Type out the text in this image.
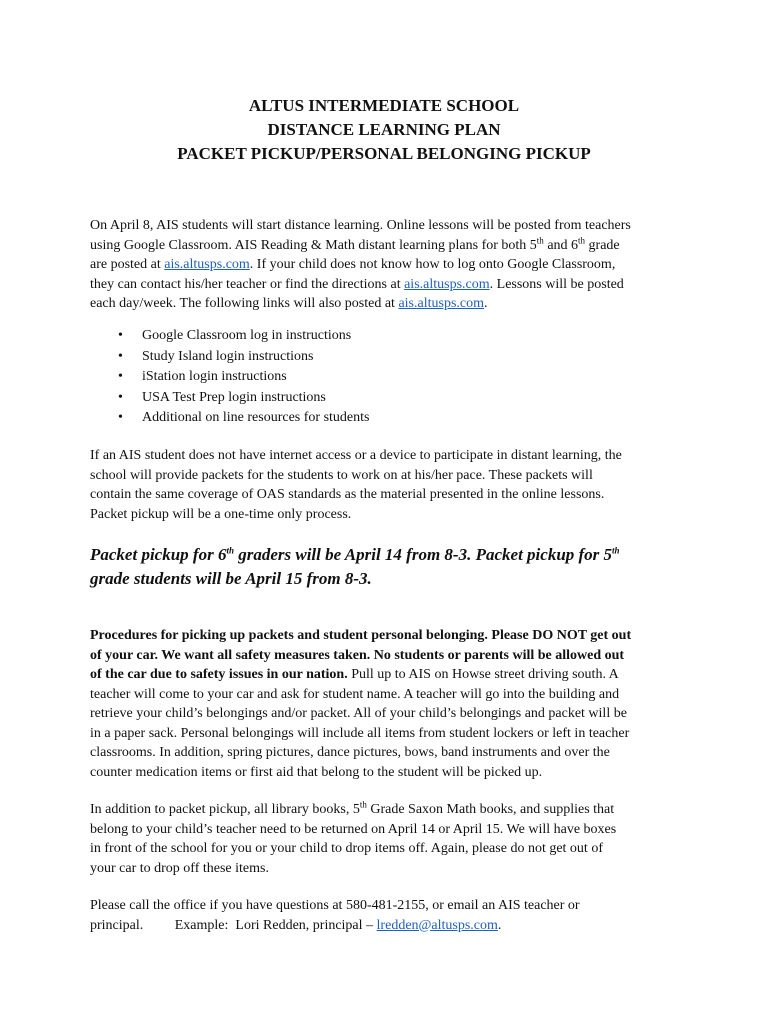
ALTUS INTERMEDIATE SCHOOL
DISTANCE LEARNING PLAN
PACKET PICKUP/PERSONAL BELONGING PICKUP
On April 8, AIS students will start distance learning. Online lessons will be posted from teachers
using Google Classroom. AIS Reading & Math distant learning plans for both 5th and 6th grade
are posted at ais.altusps.com. If your child does not know how to log onto Google Classroom,
they can contact his/her teacher or find the directions at ais.altusps.com. Lessons will be posted
each day/week. The following links will also posted at ais.altusps.com.
• Google Classroom log in instructions
• Study Island login instructions
• iStation login instructions
• USA Test Prep login instructions
• Additional on line resources for students
If an AIS student does not have internet access or a device to participate in distant learning, the
school will provide packets for the students to work on at his/her pace. These packets will
contain the same coverage of OAS standards as the material presented in the online lessons.
Packet pickup will be a one-time only process.
Packet pickup for 6th graders will be April 14 from 8-3. Packet pickup for 5th
grade students will be April 15 from 8-3.
Procedures for picking up packets and student personal belonging. Please DO NOT get out
of your car. We want all safety measures taken. No students or parents will be allowed out
of the car due to safety issues in our nation. Pull up to AIS on Howse street driving south. A
teacher will come to your car and ask for student name. A teacher will go into the building and
retrieve your child’s belongings and/or packet. All of your child’s belongings and packet will be
in a paper sack. Personal belongings will include all items from student lockers or left in teacher
classrooms. In addition, spring pictures, dance pictures, bows, band instruments and over the
counter medication items or first aid that belong to the student will be picked up.
In addition to packet pickup, all library books, 5th Grade Saxon Math books, and supplies that
belong to your child’s teacher need to be returned on April 14 or April 15. We will have boxes
in front of the school for you or your child to drop items off. Again, please do not get out of
your car to drop off these items.
Please call the office if you have questions at 580-481-2155, or email an AIS teacher or
principal.         Example:  Lori Redden, principal – lredden@altusps.com.
